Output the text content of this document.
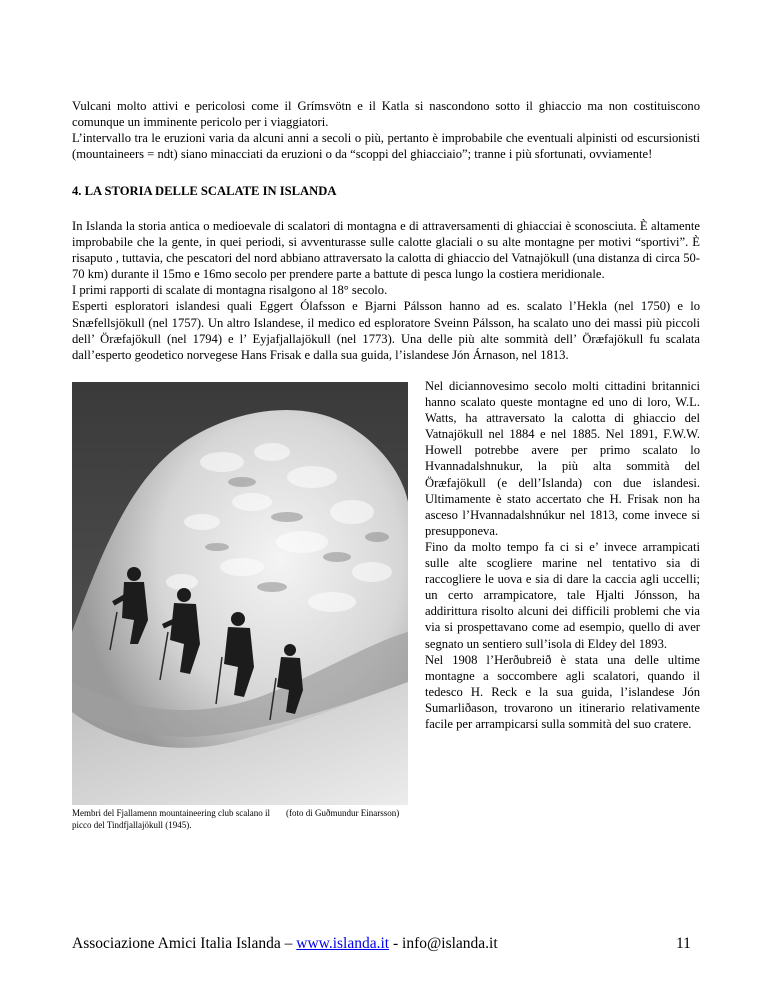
Vulcani molto attivi e pericolosi come il Grímsvötn e il Katla si nascondono sotto il ghiaccio ma non costituiscono comunque un imminente pericolo per i viaggiatori.

L’intervallo tra le eruzioni varia da alcuni anni a secoli o più, pertanto è improbabile che eventuali alpinisti od escursionisti (mountaineers = ndt) siano minacciati da eruzioni o da “scoppi del ghiacciaio”; tranne i più sfortunati, ovviamente!

4. LA STORIA DELLE SCALATE IN ISLANDA

In Islanda la storia antica o medioevale di scalatori di montagna e di attraversamenti di ghiacciai è sconosciuta. È altamente improbabile che la gente, in quei periodi, si avventurasse sulle calotte glaciali o su alte montagne per motivi “sportivi”. È risaputo , tuttavia, che pescatori del nord abbiano attraversato la calotta di ghiaccio del Vatnajökull (una distanza di circa 50-70 km) durante il 15mo e 16mo secolo per prendere parte a battute di pesca lungo la costiera meridionale.

I primi rapporti di scalate di montagna risalgono al 18° secolo.

Esperti esploratori islandesi quali Eggert Ólafsson e Bjarni Pálsson hanno ad es. scalato l’Hekla (nel 1750) e lo Snæfellsjökull (nel 1757). Un altro Islandese, il medico ed esploratore Sveinn Pálsson, ha scalato uno dei massi più piccoli dell’ Öræfajökull (nel 1794) e l’ Eyjafjallajökull (nel 1773). Una delle più alte sommità dell’ Öræfajökull fu scalata dall’esperto geodetico norvegese Hans Frisak e dalla sua guida, l’islandese Jón Árnason, nel 1813.

Membri del Fjallamenn mountaineering club scalano il picco del Tindfjallajökull (1945).
(foto di Guðmundur Einarsson)

Nel diciannovesimo secolo molti cittadini britannici hanno scalato queste montagne ed uno di loro, W.L. Watts, ha attraversato la calotta di ghiaccio del Vatnajökull nel 1884 e nel 1885. Nel 1891, F.W.W. Howell potrebbe avere per primo scalato lo Hvannadalshnukur, la più alta sommità del Öræfajökull (e dell’Islanda) con due islandesi. Ultimamente è stato accertato che H. Frisak non ha asceso l’Hvannadalshnúkur nel 1813, come invece si presupponeva.

Fino da molto tempo fa ci si e’ invece arrampicati sulle alte scogliere marine nel tentativo sia di raccogliere le uova e sia di dare la caccia agli uccelli; un certo arrampicatore, tale Hjalti Jónsson, ha addirittura risolto alcuni dei difficili problemi che via via si prospettavano come ad esempio, quello di aver segnato un sentiero sull’isola di Eldey del 1893.

Nel 1908 l’Herðubreið è stata una delle ultime montagne a soccombere agli scalatori, quando il tedesco H. Reck e la sua guida, l’islandese Jón Sumarliðason, trovarono un itinerario relativamente facile per arrampicarsi sulla sommità del suo cratere.

Associazione Amici Italia Islanda – www.islanda.it - info@islanda.it	11
